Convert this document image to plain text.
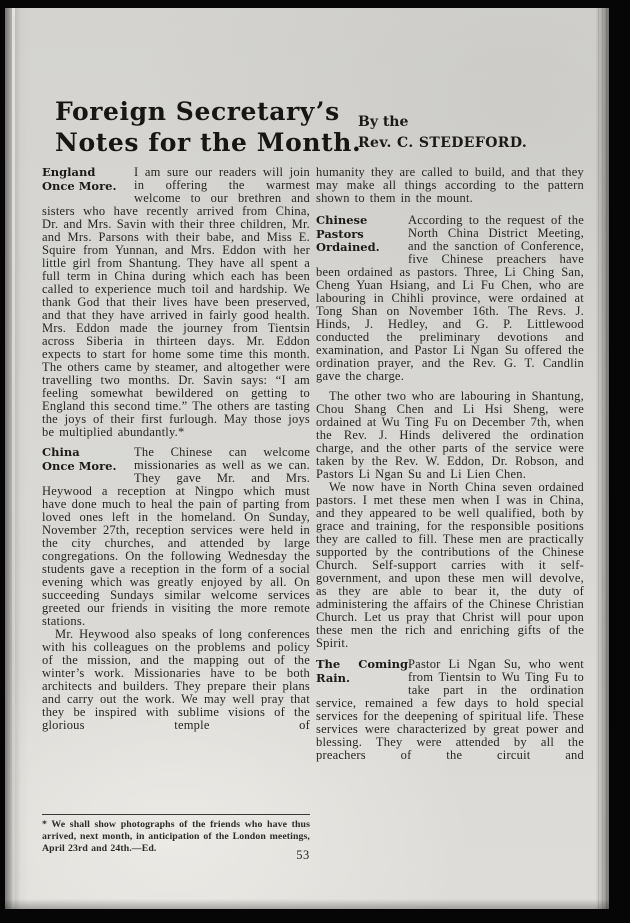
Foreign Secretary’s
Notes for the Month.
By the
Rev. C. STEDEFORD.

England
Once More.
I am sure our readers will join in offering the warmest welcome to our brethren and sisters who have recently arrived from China, Dr. and Mrs. Savin with their three children, Mr. and Mrs. Parsons with their babe, and Miss E. Squire from Yunnan, and Mrs. Eddon with her little girl from Shantung. They have all spent a full term in China during which each has been called to experience much toil and hardship. We thank God that their lives have been preserved, and that they have arrived in fairly good health. Mrs. Eddon made the journey from Tientsin across Siberia in thirteen days. Mr. Eddon expects to start for home some time this month. The others came by steamer, and altogether were travelling two months. Dr. Savin says: “I am feeling somewhat bewildered on getting to England this second time.” The others are tasting the joys of their first furlough. May those joys be multiplied abundantly.*

China
Once More.
The Chinese can welcome missionaries as well as we can. They gave Mr. and Mrs. Heywood a reception at Ningpo which must have done much to heal the pain of parting from loved ones left in the homeland. On Sunday, November 27th, reception services were held in the city churches, and attended by large congregations. On the following Wednesday the students gave a reception in the form of a social evening which was greatly enjoyed by all. On succeeding Sundays similar welcome services greeted our friends in visiting the more remote stations.

Mr. Heywood also speaks of long conferences with his colleagues on the problems and policy of the mission, and the mapping out of the winter’s work. Missionaries have to be both architects and builders. They prepare their plans and carry out the work. We may well pray that they be inspired with sublime visions of the glorious temple of

humanity they are called to build, and that they may make all things according to the pattern shown to them in the mount.

Chinese
Pastors
Ordained.
According to the request of the North China District Meeting, and the sanction of Conference, five Chinese preachers have been ordained as pastors. Three, Li Ching San, Cheng Yuan Hsiang, and Li Fu Chen, who are labouring in Chihli province, were ordained at Tong Shan on November 16th. The Revs. J. Hinds, J. Hedley, and G. P. Littlewood conducted the preliminary devotions and examination, and Pastor Li Ngan Su offered the ordination prayer, and the Rev. G. T. Candlin gave the charge.

The other two who are labouring in Shantung, Chou Shang Chen and Li Hsi Sheng, were ordained at Wu Ting Fu on December 7th, when the Rev. J. Hinds delivered the ordination charge, and the other parts of the service were taken by the Rev. W. Eddon, Dr. Robson, and Pastors Li Ngan Su and Li Lien Chen.

We now have in North China seven ordained pastors. I met these men when I was in China, and they appeared to be well qualified, both by grace and training, for the responsible positions they are called to fill. These men are practically supported by the contributions of the Chinese Church. Self-support carries with it self-government, and upon these men will devolve, as they are able to bear it, the duty of administering the affairs of the Chinese Christian Church. Let us pray that Christ will pour upon these men the rich and enriching gifts of the Spirit.

The Coming
Rain.
Pastor Li Ngan Su, who went from Tientsin to Wu Ting Fu to take part in the ordination service, remained a few days to hold special services for the deepening of spiritual life. These services were characterized by great power and blessing. They were attended by all the preachers of the circuit and

* We shall show photographs of the friends who have thus arrived, next month, in anticipation of the London meetings, April 23rd and 24th.—Ed.	53
